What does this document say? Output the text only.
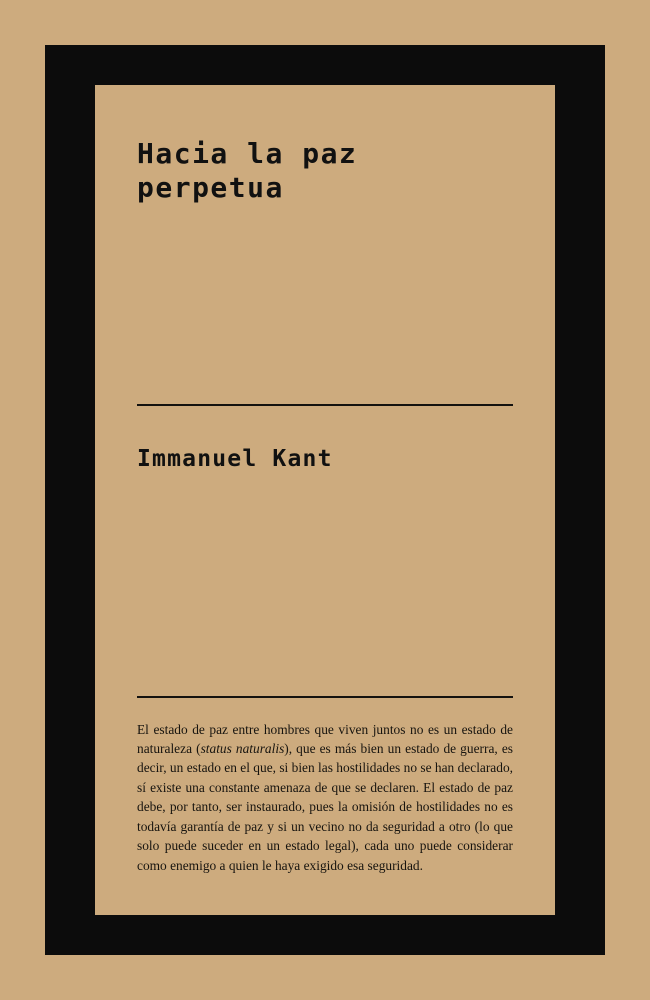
Hacia la paz perpetua
Immanuel Kant
El estado de paz entre hombres que viven juntos no es un estado de naturaleza (status naturalis), que es más bien un estado de guerra, es decir, un estado en el que, si bien las hostilidades no se han declarado, sí existe una constante amenaza de que se declaren. El estado de paz debe, por tanto, ser instaurado, pues la omisión de hostilidades no es todavía garantía de paz y si un vecino no da seguridad a otro (lo que solo puede suceder en un estado legal), cada uno puede considerar como enemigo a quien le haya exigido esa seguridad.
